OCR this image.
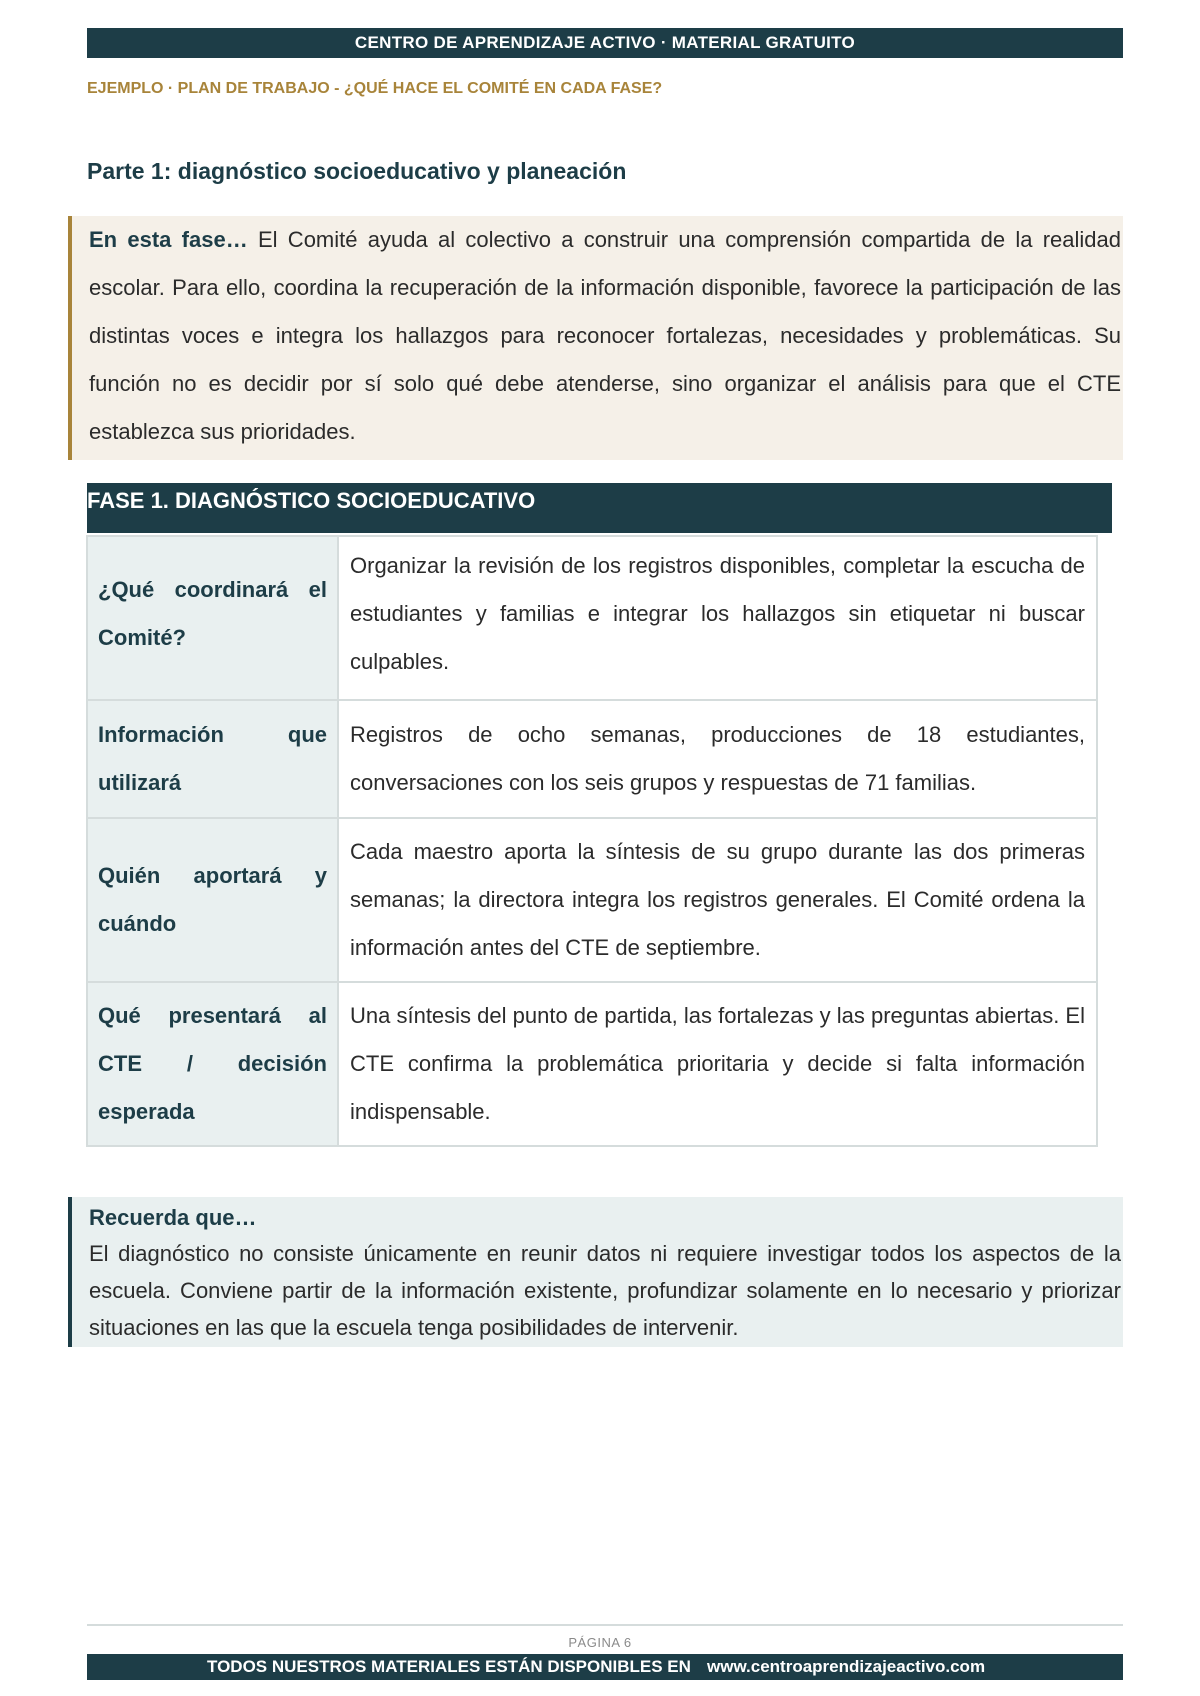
CENTRO DE APRENDIZAJE ACTIVO · MATERIAL GRATUITO
EJEMPLO · PLAN DE TRABAJO - ¿QUÉ HACE EL COMITÉ EN CADA FASE?
Parte 1: diagnóstico socioeducativo y planeación

En esta fase… El Comité ayuda al colectivo a construir una comprensión compartida de la realidad escolar. Para ello, coordina la recuperación de la información disponible, favorece la participación de las distintas voces e integra los hallazgos para reconocer fortalezas, necesidades y problemáticas. Su función no es decidir por sí solo qué debe atenderse, sino organizar el análisis para que el CTE establezca sus prioridades.

FASE 1. DIAGNÓSTICO SOCIOEDUCATIVO
¿Qué coordinará el Comité?	Organizar la revisión de los registros disponibles, completar la escucha de estudiantes y familias e integrar los hallazgos sin etiquetar ni buscar culpables.
Información que utilizará	Registros de ocho semanas, producciones de 18 estudiantes, conversaciones con los seis grupos y respuestas de 71 familias.
Quién aportará y cuándo	Cada maestro aporta la síntesis de su grupo durante las dos primeras semanas; la directora integra los registros generales. El Comité ordena la información antes del CTE de septiembre.
Qué presentará al CTE / decisión esperada	Una síntesis del punto de partida, las fortalezas y las preguntas abiertas. El CTE confirma la problemática prioritaria y decide si falta información indispensable.
Recuerda que…

El diagnóstico no consiste únicamente en reunir datos ni requiere investigar todos los aspectos de la escuela. Conviene partir de la información existente, profundizar solamente en lo necesario y priorizar situaciones en las que la escuela tenga posibilidades de intervenir.

PÁGINA 6
TODOS NUESTROS MATERIALES ESTÁN DISPONIBLES EN www.centroaprendizajeactivo.com
